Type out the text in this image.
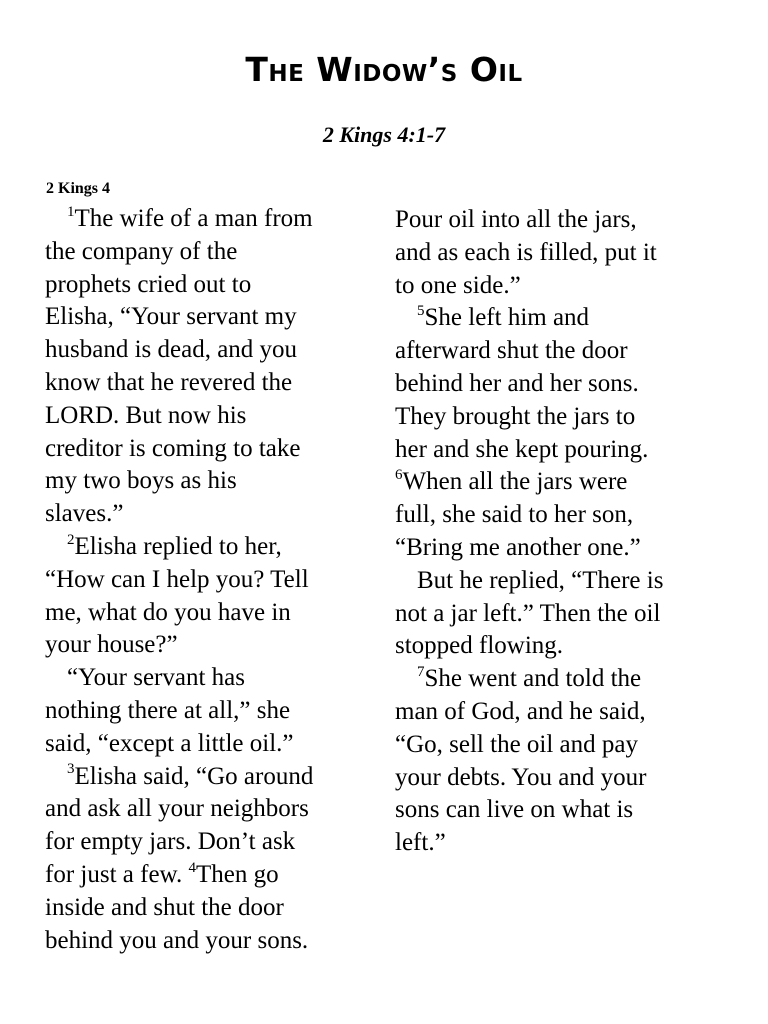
The Widow’s Oil
2 Kings 4:1-7
2 Kings 4
$^1$The wife of a man from
the company of the
prophets cried out to
Elisha, “Your servant my
husband is dead, and you
know that he revered the
LORD. But now his
creditor is coming to take
my two boys as his
slaves.”
$^2$Elisha replied to her,
“How can I help you? Tell
me, what do you have in
your house?”
“Your servant has
nothing there at all,” she
said, “except a little oil.”
$^3$Elisha said, “Go around
and ask all your neighbors
for empty jars. Don’t ask
for just a few. $^4$Then go
inside and shut the door
behind you and your sons.
Pour oil into all the jars,
and as each is filled, put it
to one side.”
$^5$She left him and
afterward shut the door
behind her and her sons.
They brought the jars to
her and she kept pouring.
$^6$When all the jars were
full, she said to her son,
“Bring me another one.”
But he replied, “There is
not a jar left.” Then the oil
stopped flowing.
$^7$She went and told the
man of God, and he said,
“Go, sell the oil and pay
your debts. You and your
sons can live on what is
left.”
